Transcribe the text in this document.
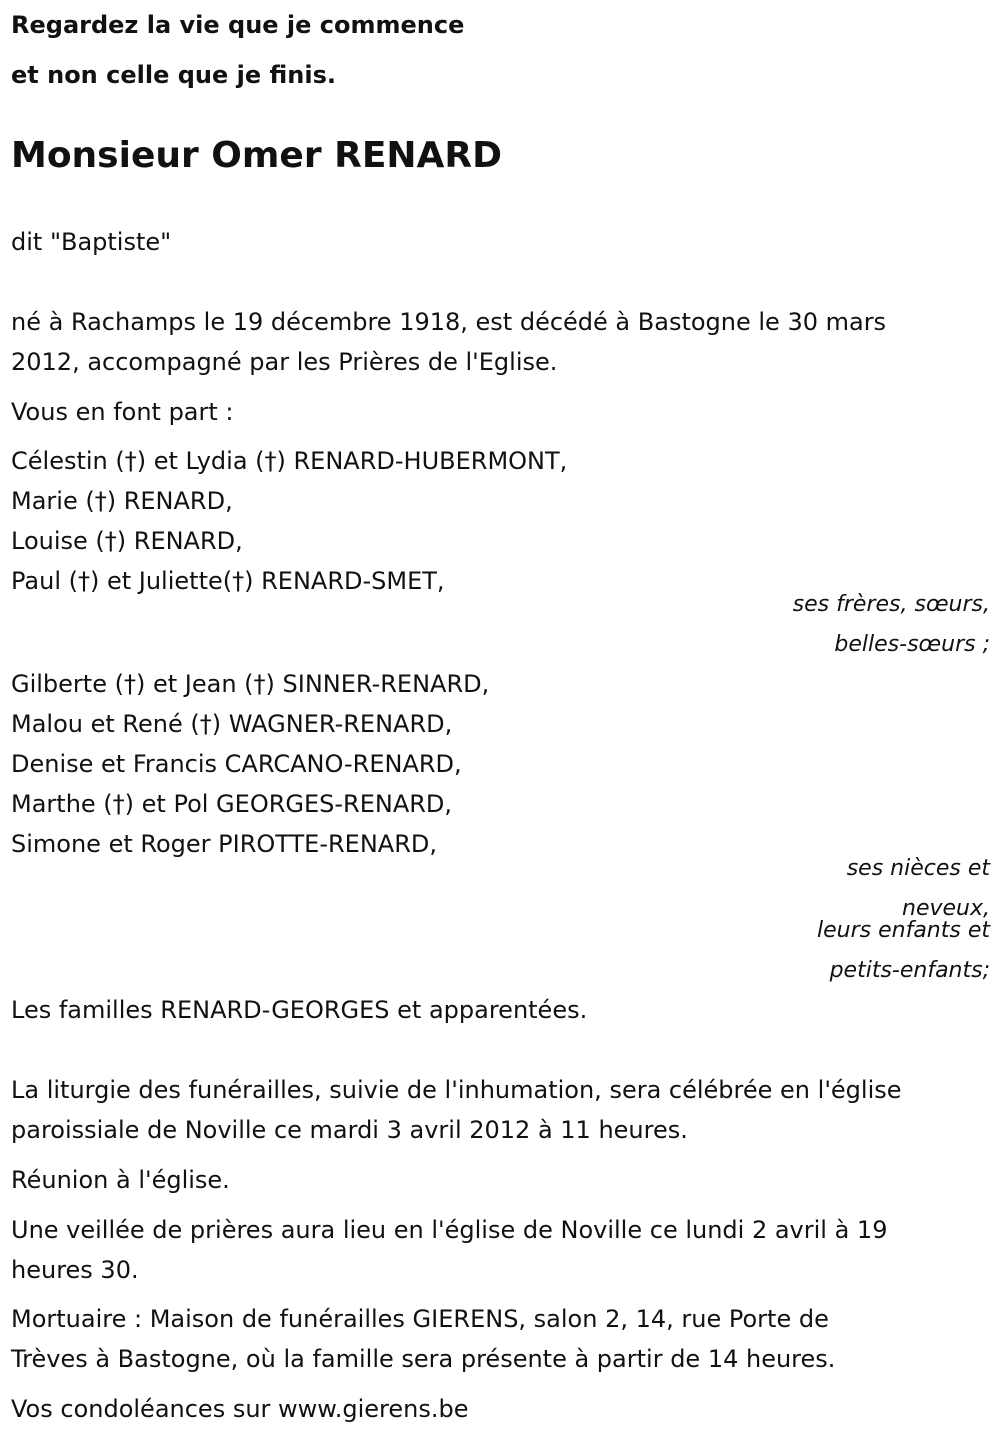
Regardez la vie que je commence

et non celle que je finis.

Monsieur Omer RENARD

dit "Baptiste"

né à Rachamps le 19 décembre 1918, est décédé à Bastogne le 30 mars

2012, accompagné par les Prières de l'Eglise.

Vous en font part :

Célestin (†) et Lydia (†) RENARD-HUBERMONT,
Marie (†) RENARD,
Louise (†) RENARD,
Paul (†) et Juliette(†) RENARD-SMET,

ses frères, sœurs,

belles-sœurs ;

Gilberte (†) et Jean (†) SINNER-RENARD,
Malou et René (†) WAGNER-RENARD,
Denise et Francis CARCANO-RENARD,
Marthe (†) et Pol GEORGES-RENARD,
Simone et Roger PIROTTE-RENARD,

ses nièces et

neveux,

leurs enfants et

petits-enfants;

Les familles RENARD-GEORGES et apparentées.

La liturgie des funérailles, suivie de l'inhumation, sera célébrée en l'église

paroissiale de Noville ce mardi 3 avril 2012 à 11 heures.

Réunion à l'église.

Une veillée de prières aura lieu en l'église de Noville ce lundi 2 avril à 19

heures 30.

Mortuaire : Maison de funérailles GIERENS, salon 2, 14, rue Porte de

Trèves à Bastogne, où la famille sera présente à partir de 14 heures.

Vos condoléances sur www.gierens.be
